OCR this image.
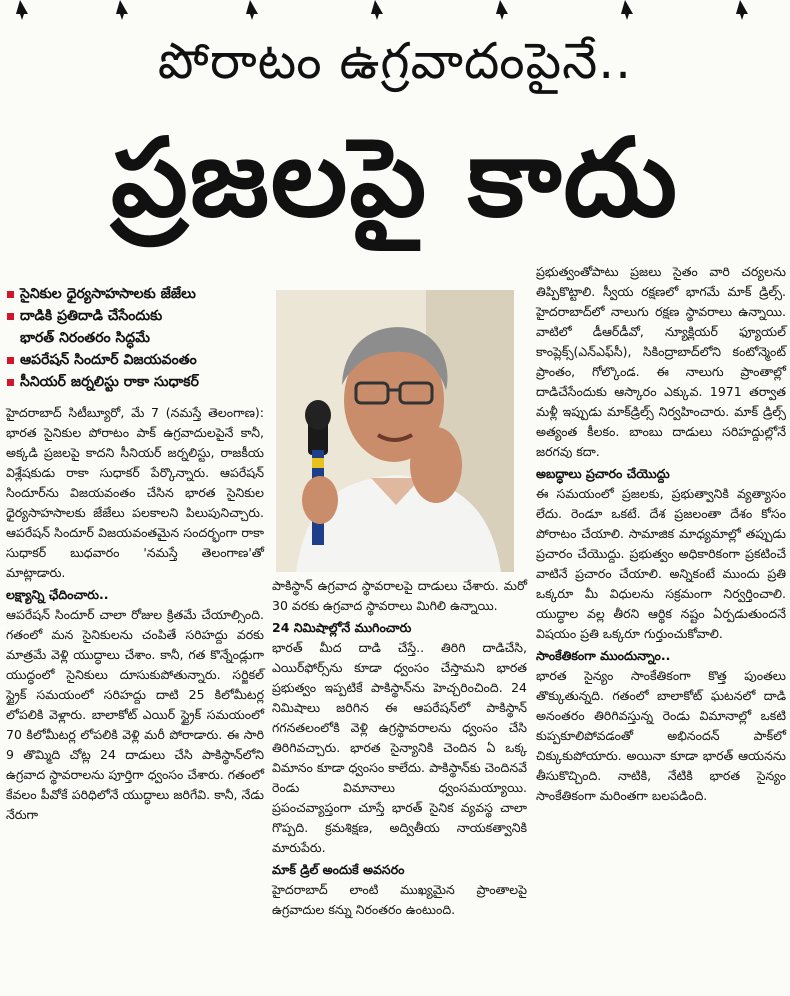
పోరాటం ఉగ్రవాదంపైనే..
ప్రజలపై కాదు
సైనికుల ధైర్యసాహసాలకు జేజేలు
దాడికి ప్రతిదాడి చేసేందుకు
భారత్ నిరంతరం సిద్ధమే
ఆపరేషన్ సిందూర్ విజయవంతం
సీనియర్ జర్నలిస్టు రాకా సుధాకర్

హైదరాబాద్ సిటీబ్యూరో, మే 7 (నమస్తే తెలంగాణ): భారత సైనికుల పోరాటం పాక్ ఉగ్రవాదులపైనే కానీ, అక్కడి ప్రజలపై కాదని సీనియర్ జర్నలిస్టు, రాజకీయ విశ్లేషకుడు రాకా సుధాకర్ పేర్కొన్నారు. ఆపరేషన్ సిందూర్‌ను విజయవంతం చేసిన భారత సైనికుల ధైర్యసాహసాలకు జేజేలు పలకాలని పిలుపునిచ్చారు. ఆపరేషన్ సిందూర్ విజయవంతమైన సందర్భంగా రాకా సుధాకర్ బుధవారం 'నమస్తే తెలంగాణ'తో మాట్లాడారు.

లక్ష్యాన్ని ఛేదించారు..

ఆపరేషన్ సిందూర్ చాలా రోజుల క్రితమే చేయాల్సింది. గతంలో మన సైనికులను చంపితే సరిహద్దు వరకు మాత్రమే వెళ్లి యుద్ధాలు చేశాం. కానీ, గత కొన్నేండ్లుగా యుద్ధంలో సైనికులు దూసుకుపోతున్నారు. సర్జికల్ స్ట్రైక్ సమయంలో సరిహద్దు దాటి 25 కిలోమీటర్ల లోపలికి వెళ్లారు. బాలాకోట్ ఎయిర్ స్ట్రైక్ సమయంలో 70 కిలోమీటర్ల లోపలికి వెళ్లి మరీ పోరాడారు. ఈ సారి 9 తొమ్మిది చోట్ల 24 దాడులు చేసి పాకిస్థాన్‌లోని ఉగ్రవాద స్థావరాలను పూర్తిగా ధ్వంసం చేశారు. గతంలో కేవలం పీవోకే పరిధిలోనే యుద్ధాలు జరిగేవి. కానీ, నేడు నేరుగా

పాకిస్థాన్ ఉగ్రవాద స్థావరాలపై దాడులు చేశారు. మరో 30 వరకు ఉగ్రవాద స్థావరాలు మిగిలి ఉన్నాయి.

24 నిమిషాల్లోనే ముగించారు

భారత్ మీద దాడి చేస్తే.. తిరిగి దాడిచేసి, ఎయిర్‌ఫోర్స్‌ను కూడా ధ్వంసం చేస్తామని భారత ప్రభుత్వం ఇప్పటికే పాకిస్థాన్‌ను హెచ్చరించింది. 24 నిమిషాలు జరిగిన ఈ ఆపరేషన్‌లో పాకిస్థాన్ గగనతలంలోకి వెళ్లి ఉగ్రస్థావరాలను ధ్వంసం చేసి తిరిగివచ్చారు. భారత సైన్యానికి చెందిన ఏ ఒక్క విమానం కూడా ధ్వంసం కాలేదు. పాకిస్థాన్‌కు చెందినవే రెండు విమానాలు ధ్వంసమయ్యాయి. ప్రపంచవ్యాప్తంగా చూస్తే భారత్ సైనిక వ్యవస్థ చాలా గొప్పది. క్రమశిక్షణ, అద్వితీయ నాయకత్వానికి మారుపేరు.

మాక్ డ్రిల్ అందుకే అవసరం

హైదరాబాద్ లాంటి ముఖ్యమైన ప్రాంతాలపై ఉగ్రవాదుల కన్ను నిరంతరం ఉంటుంది.

ప్రభుత్వంతోపాటు ప్రజలు సైతం వారి చర్యలను తిప్పికొట్టాలి. స్వీయ రక్షణలో భాగమే మాక్ డ్రిల్స్. హైదరాబాద్‌లో నాలుగు రక్షణ స్థావరాలు ఉన్నాయి. వాటిలో డీఆర్‌డీవో, న్యూక్లియర్ ఫ్యూయల్ కాంప్లెక్స్(ఎన్‌ఎఫ్‌సీ), సికింద్రాబాద్‌లోని కంటోన్మెంట్ ప్రాంతం, గోల్కొండ. ఈ నాలుగు ప్రాంతాల్లో దాడిచేసేందుకు ఆస్కారం ఎక్కువ. 1971 తర్వాత మళ్లీ ఇప్పుడు మాక్‌డ్రిల్స్ నిర్వహించారు. మాక్ డ్రిల్స్ అత్యంత కీలకం. బాంబు దాడులు సరిహద్దుల్లోనే జరగవు కదా.

అబద్ధాలు ప్రచారం చేయొద్దు

ఈ సమయంలో ప్రజలకు, ప్రభుత్వానికి వ్యత్యాసం లేదు. రెండూ ఒకటే. దేశ ప్రజలంతా దేశం కోసం పోరాటం చేయాలి. సామాజిక మాధ్యమాల్లో తప్పుడు ప్రచారం చేయొద్దు. ప్రభుత్వం అధికారికంగా ప్రకటించే వాటినే ప్రచారం చేయాలి. అన్నికంటే ముందు ప్రతి ఒక్కరూ మీ విధులను సక్రమంగా నిర్వర్తించాలి. యుద్ధాల వల్ల తీరని ఆర్థిక నష్టం ఏర్పడుతుందనే విషయం ప్రతి ఒక్కరూ గుర్తుంచుకోవాలి.

సాంకేతికంగా ముందున్నాం..

భారత సైన్యం సాంకేతికంగా కొత్త పుంతలు తొక్కుతున్నది. గతంలో బాలాకోట్ ఘటనలో దాడి అనంతరం తిరిగివస్తున్న రెండు విమానాల్లో ఒకటి కుప్పకూలిపోవడంతో అభినందన్ పాక్‌లో చిక్కుకుపోయారు. అయినా కూడా భారత్ ఆయనను తీసుకొచ్చింది. నాటికి, నేటికి భారత సైన్యం సాంకేతికంగా మరింతగా బలపడింది.
